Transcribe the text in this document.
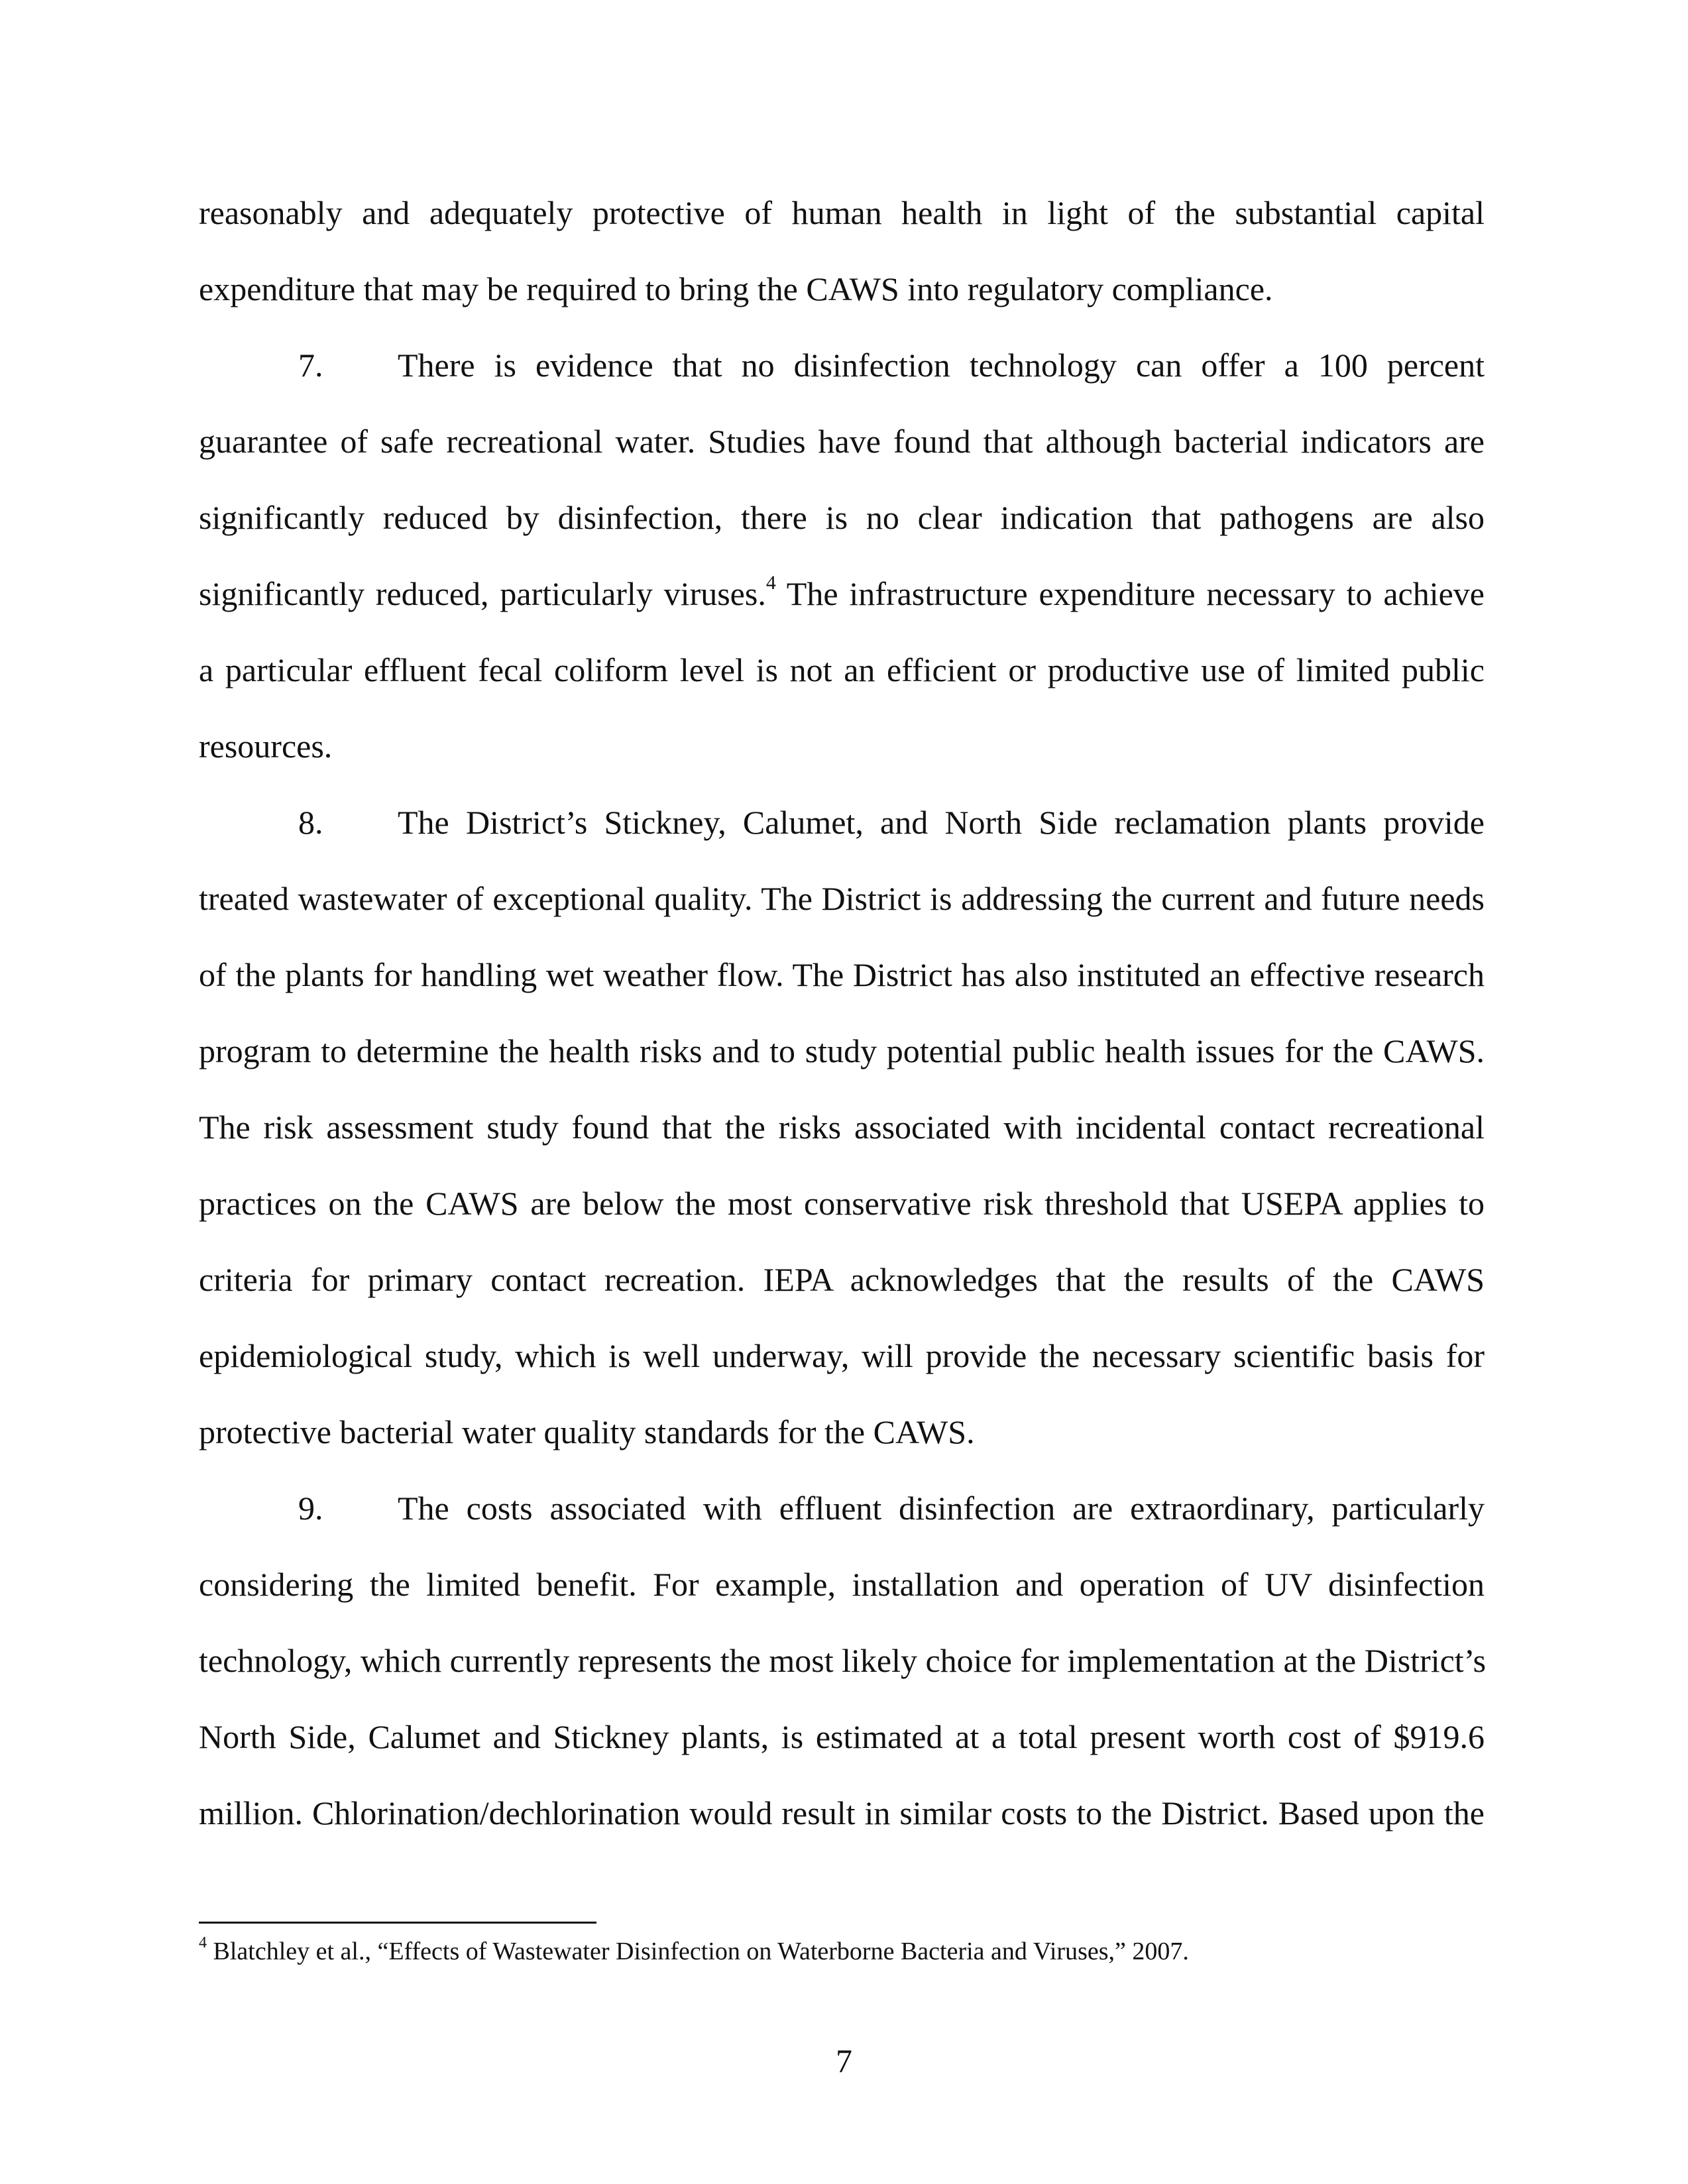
reasonably and adequately protective of human health in light of the substantial capital
expenditure that may be required to bring the CAWS into regulatory compliance.
7. There is evidence that no disinfection technology can offer a 100 percent
guarantee of safe recreational water. Studies have found that although bacterial indicators are
significantly reduced by disinfection, there is no clear indication that pathogens are also
significantly reduced, particularly viruses.$^4$ The infrastructure expenditure necessary to achieve
a particular effluent fecal coliform level is not an efficient or productive use of limited public
resources.
8. The District’s Stickney, Calumet, and North Side reclamation plants provide
treated wastewater of exceptional quality. The District is addressing the current and future needs
of the plants for handling wet weather flow. The District has also instituted an effective research
program to determine the health risks and to study potential public health issues for the CAWS.
The risk assessment study found that the risks associated with incidental contact recreational
practices on the CAWS are below the most conservative risk threshold that USEPA applies to
criteria for primary contact recreation. IEPA acknowledges that the results of the CAWS
epidemiological study, which is well underway, will provide the necessary scientific basis for
protective bacterial water quality standards for the CAWS.
9. The costs associated with effluent disinfection are extraordinary, particularly
considering the limited benefit. For example, installation and operation of UV disinfection
technology, which currently represents the most likely choice for implementation at the District’s
North Side, Calumet and Stickney plants, is estimated at a total present worth cost of $919.6
million. Chlorination/dechlorination would result in similar costs to the District. Based upon the
$^4$ Blatchley et al., “Effects of Wastewater Disinfection on Waterborne Bacteria and Viruses,” 2007.
7
